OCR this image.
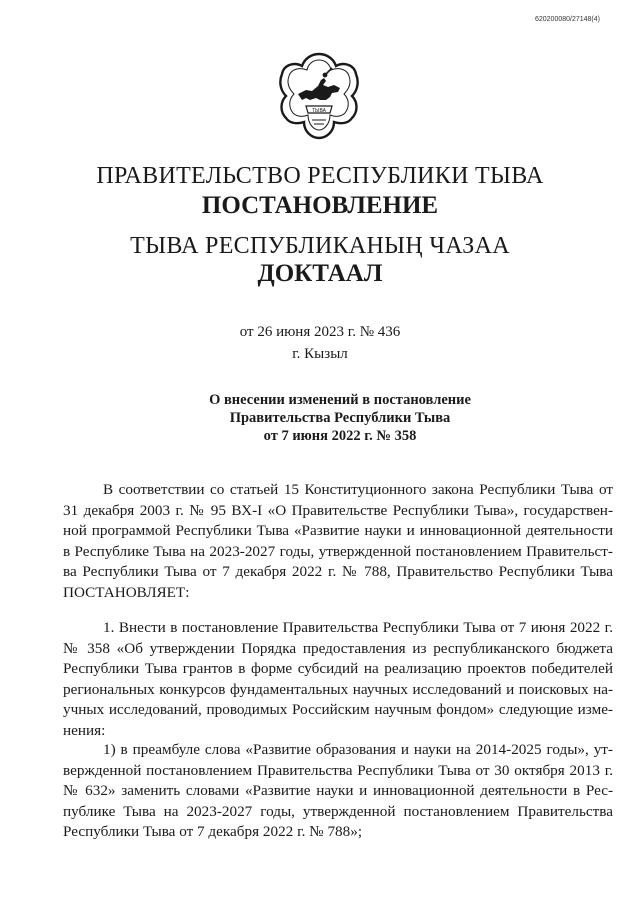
620200080/27148(4)
ТЫВА
ПРАВИТЕЛЬСТВО РЕСПУБЛИКИ ТЫВА
ПОСТАНОВЛЕНИЕ
ТЫВА РЕСПУБЛИКАНЫҢ ЧАЗАА
ДОКТААЛ
от 26 июня 2023 г. № 436
г. Кызыл
О внесении изменений в постановление
Правительства Республики Тыва
от 7 июня 2022 г. № 358
В соответствии со статьей 15 Конституционного закона Республики Тыва от
31 декабря 2003 г. № 95 ВХ-I «О Правительстве Республики Тыва», государствен-
ной программой Республики Тыва «Развитие науки и инновационной деятельности
в Республике Тыва на 2023-2027 годы, утвержденной постановлением Правительст-
ва Республики Тыва от 7 декабря 2022 г. № 788, Правительство Республики Тыва
ПОСТАНОВЛЯЕТ:
1. Внести в постановление Правительства Республики Тыва от 7 июня 2022 г.
№ 358 «Об утверждении Порядка предоставления из республиканского бюджета
Республики Тыва грантов в форме субсидий на реализацию проектов победителей
региональных конкурсов фундаментальных научных исследований и поисковых на-
учных исследований, проводимых Российским научным фондом» следующие изме-
нения:
1) в преамбуле слова «Развитие образования и науки на 2014-2025 годы», ут-
вержденной постановлением Правительства Республики Тыва от 30 октября 2013 г.
№ 632» заменить словами «Развитие науки и инновационной деятельности в Рес-
публике Тыва на 2023-2027 годы, утвержденной постановлением Правительства
Республики Тыва от 7 декабря 2022 г. № 788»;
